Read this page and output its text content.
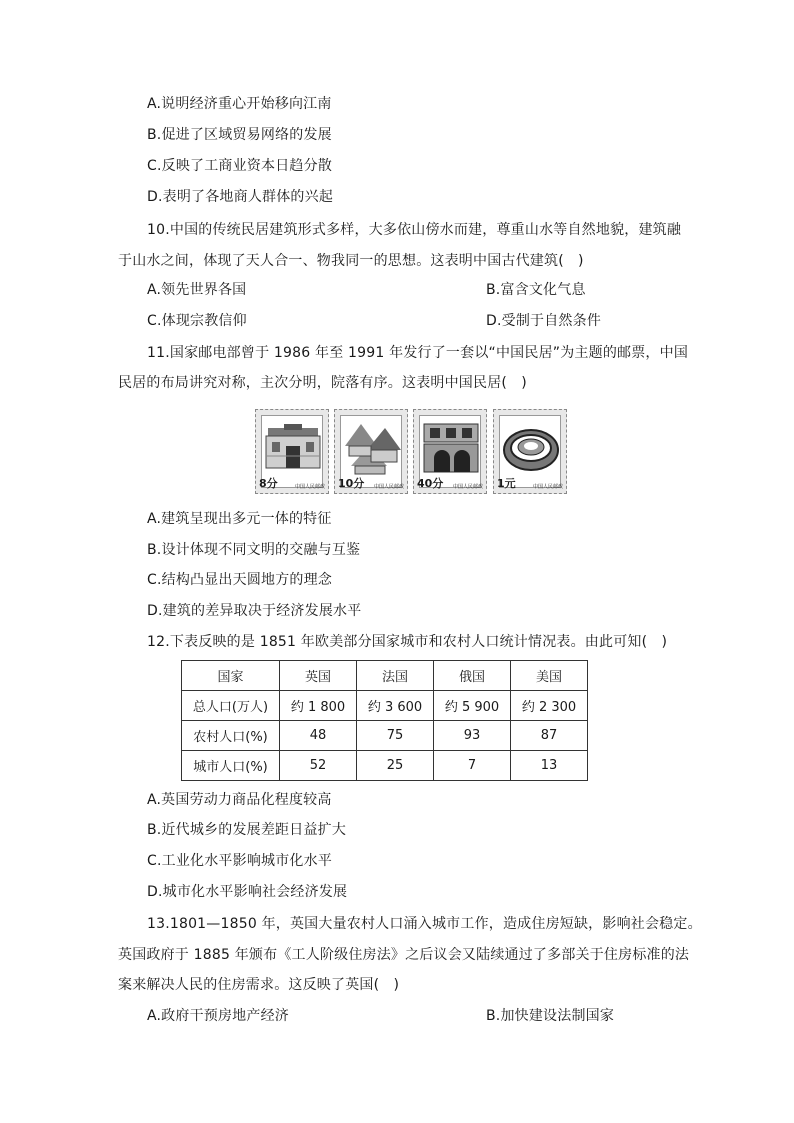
A.说明经济重心开始移向江南
B.促进了区域贸易网络的发展
C.反映了工商业资本日趋分散
D.表明了各地商人群体的兴起
10.中国的传统民居建筑形式多样，大多依山傍水而建，尊重山水等自然地貌，建筑融
于山水之间，体现了天人合一、物我同一的思想。这表明中国古代建筑(　)
A.领先世界各国	B.富含文化气息
C.体现宗教信仰	D.受制于自然条件
11.国家邮电部曾于 1986 年至 1991 年发行了一套以“中国民居”为主题的邮票，中国
民居的布局讲究对称，主次分明，院落有序。这表明中国民居(　)
8分	中国人民邮政 10分 中国人民邮政 40分 中国人民邮政 1元	中国人民邮政
A.建筑呈现出多元一体的特征
B.设计体现不同文明的交融与互鉴
C.结构凸显出天圆地方的理念
D.建筑的差异取决于经济发展水平
12.下表反映的是 1851 年欧美部分国家城市和农村人口统计情况表。由此可知(　)
国家	英国	法国	俄国	美国
总人口(万人)	约 1 800	约 3 600	约 5 900	约 2 300
农村人口(%)	48	75	93	87
城市人口(%)	52	25	7	13
A.英国劳动力商品化程度较高
B.近代城乡的发展差距日益扩大
C.工业化水平影响城市化水平
D.城市化水平影响社会经济发展
13.1801—1850 年，英国大量农村人口涌入城市工作，造成住房短缺，影响社会稳定。
英国政府于 1885 年颁布《工人阶级住房法》之后议会又陆续通过了多部关于住房标准的法
案来解决人民的住房需求。这反映了英国(　)
A.政府干预房地产经济	B.加快建设法制国家
